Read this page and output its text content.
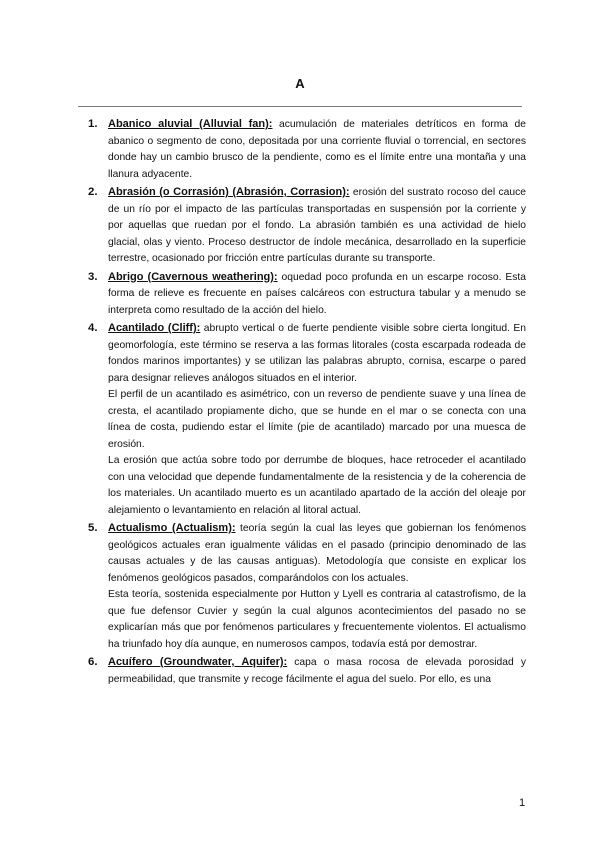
A
1. Abanico aluvial (Alluvial fan): acumulación de materiales detríticos en forma de abanico o segmento de cono, depositada por una corriente fluvial o torrencial, en sectores donde hay un cambio brusco de la pendiente, como es el límite entre una montaña y una llanura adyacente.

2. Abrasión (o Corrasión) (Abrasión, Corrasion): erosión del sustrato rocoso del cauce de un río por el impacto de las partículas transportadas en suspensión por la corriente y por aquellas que ruedan por el fondo. La abrasión también es una actividad de hielo glacial, olas y viento. Proceso destructor de índole mecánica, desarrollado en la superficie terrestre, ocasionado por fricción entre partículas durante su transporte.

3. Abrigo (Cavernous weathering): oquedad poco profunda en un escarpe rocoso. Esta forma de relieve es frecuente en países calcáreos con estructura tabular y a menudo se interpreta como resultado de la acción del hielo.

4. Acantilado (Cliff): abrupto vertical o de fuerte pendiente visible sobre cierta longitud. En geomorfología, este término se reserva a las formas litorales (costa escarpada rodeada de fondos marinos importantes) y se utilizan las palabras abrupto, cornisa, escarpe o pared para designar relieves análogos situados en el interior.

El perfil de un acantilado es asimétrico, con un reverso de pendiente suave y una línea de cresta, el acantilado propiamente dicho, que se hunde en el mar o se conecta con una línea de costa, pudiendo estar el límite (pie de acantilado) marcado por una muesca de erosión.

La erosión que actúa sobre todo por derrumbe de bloques, hace retroceder el acantilado con una velocidad que depende fundamentalmente de la resistencia y de la coherencia de los materiales. Un acantilado muerto es un acantilado apartado de la acción del oleaje por alejamiento o levantamiento en relación al litoral actual.

5. Actualismo (Actualism): teoría según la cual las leyes que gobiernan los fenómenos geológicos actuales eran igualmente válidas en el pasado (principio denominado de las causas actuales y de las causas antiguas). Metodología que consiste en explicar los fenómenos geológicos pasados, comparándolos con los actuales.

Esta teoría, sostenida especialmente por Hutton y Lyell es contraria al catastrofismo, de la que fue defensor Cuvier y según la cual algunos acontecimientos del pasado no se explicarían más que por fenómenos particulares y frecuentemente violentos. El actualismo ha triunfado hoy día aunque, en numerosos campos, todavía está por demostrar.

6. Acuífero (Groundwater, Aquifer): capa o masa rocosa de elevada porosidad y permeabilidad, que transmite y recoge fácilmente el agua del suelo. Por ello, es una

1
